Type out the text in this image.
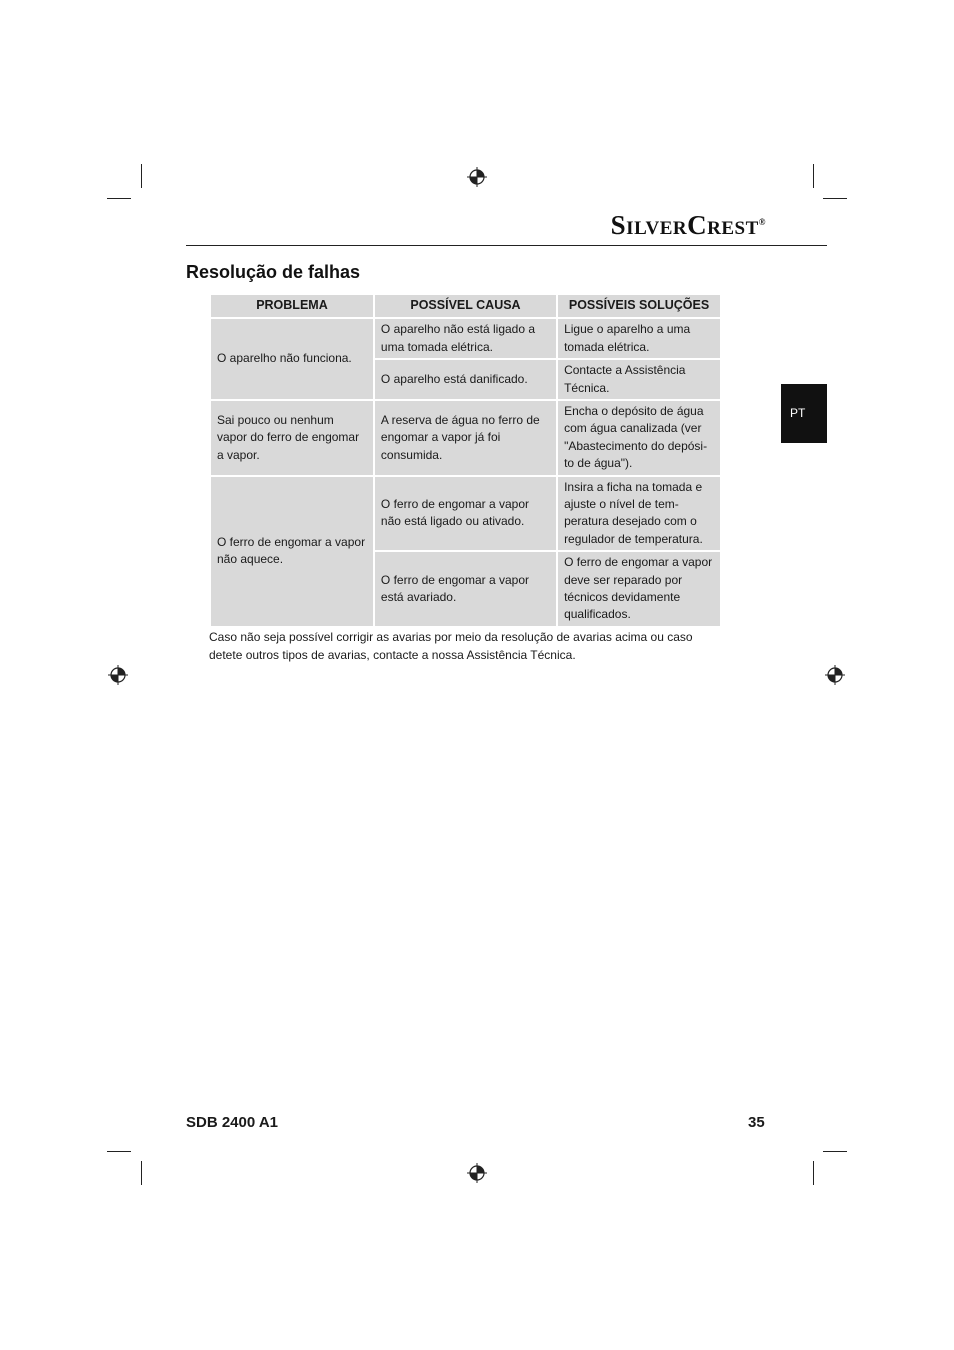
SILVERCREST®
Resolução de falhas
PT
PROBLEMA	POSSÍVEL CAUSA	POSSÍVEIS SOLUÇÕES
O aparelho não funciona.	O aparelho não está ligado a uma tomada elétrica.	Ligue o aparelho a uma tomada elétrica.
	O aparelho está danificado.	Contacte a Assistência Técnica.
Sai pouco ou nenhum vapor do ferro de engomar a vapor.	A reserva de água no ferro de engomar a vapor já foi consumida.	Encha o depósito de água com água canalizada (ver "Abastecimento do depósi-to de água").
O ferro de engomar a vapor não aquece.	O ferro de engomar a vapor não está ligado ou ativado.	Insira a ficha na tomada e ajuste o nível de tem-peratura desejado com o regulador de temperatura.
	O ferro de engomar a vapor está avariado.	O ferro de engomar a vapor deve ser reparado por técnicos devidamente qualificados.

Caso não seja possível corrigir as avarias por meio da resolução de avarias acima ou caso detete outros tipos de avarias, contacte a nossa Assistência Técnica.

SDB 2400 A1	35
